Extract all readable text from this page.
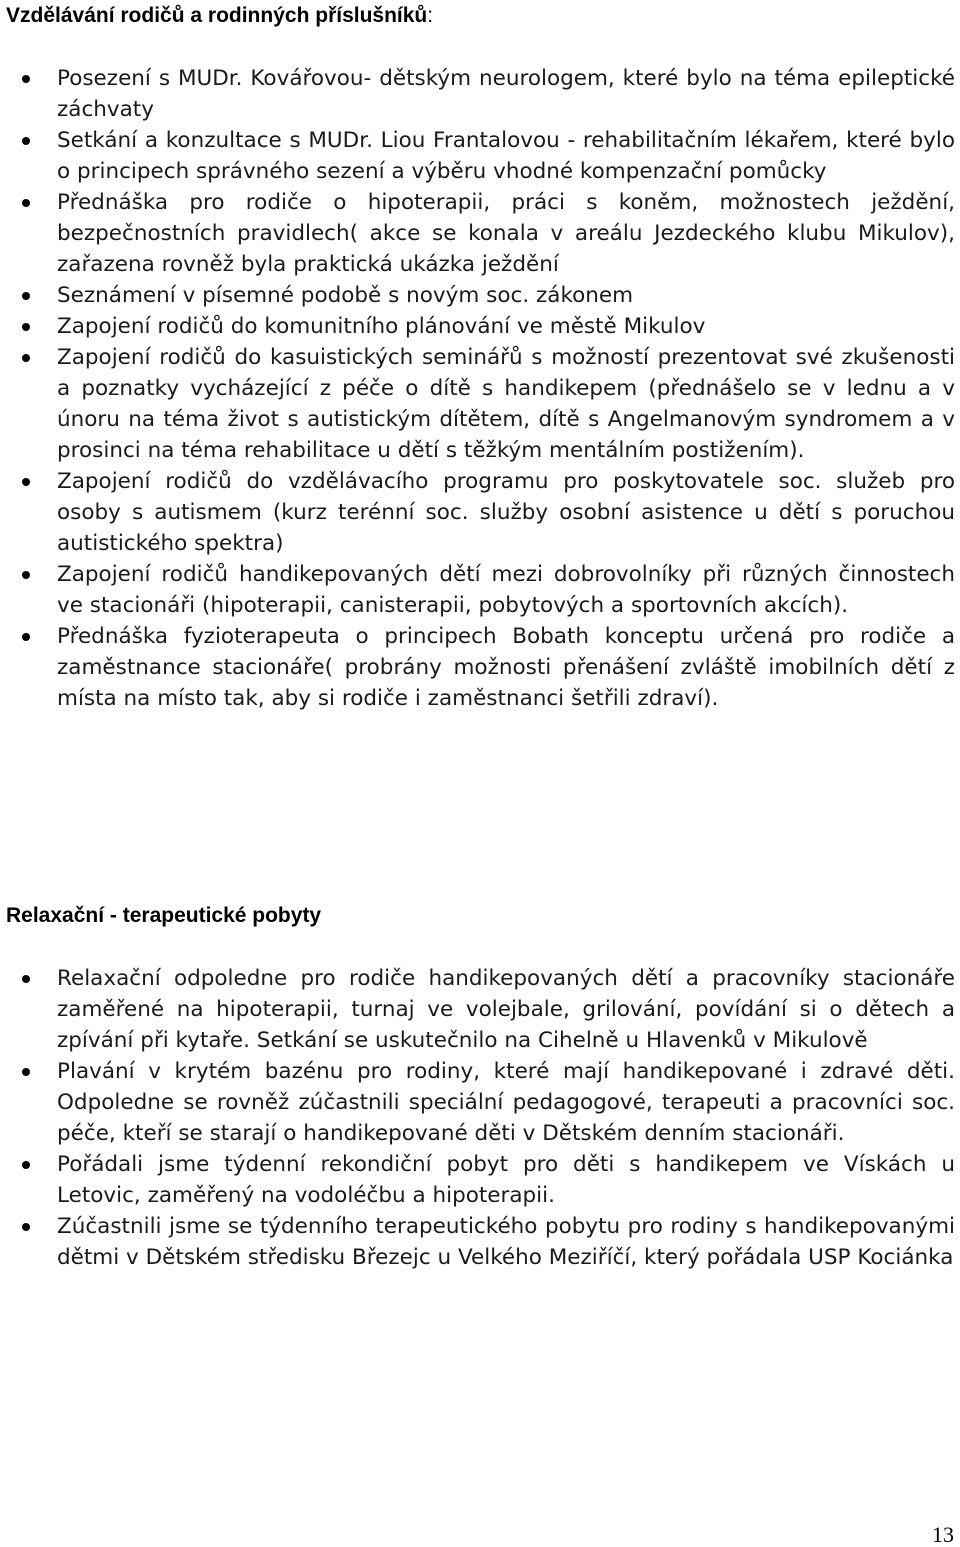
Vzdělávání rodičů a rodinných příslušníků:
Posezení s MUDr. Kovářovou- dětským neurologem, které bylo na téma epileptické záchvaty
Setkání a konzultace s MUDr. Liou Frantalovou - rehabilitačním lékařem, které bylo o principech správného sezení a výběru vhodné kompenzační pomůcky
Přednáška pro rodiče o hipoterapii, práci s koněm, možnostech ježdění, bezpečnostních pravidlech( akce se konala v areálu Jezdeckého klubu Mikulov), zařazena rovněž byla praktická ukázka ježdění
Seznámení v písemné podobě s novým soc. zákonem
Zapojení rodičů do komunitního plánování ve městě Mikulov
Zapojení rodičů do kasuistických seminářů s možností prezentovat své zkušenosti a poznatky vycházející z péče o dítě s handikepem (přednášelo se v lednu a v únoru na téma život s autistickým dítětem, dítě s Angelmanovým syndromem a v prosinci na téma rehabilitace u dětí s těžkým mentálním postižením).
Zapojení rodičů do vzdělávacího programu pro poskytovatele soc. služeb pro osoby s autismem (kurz terénní soc. služby osobní asistence u dětí s poruchou autistického spektra)
Zapojení rodičů handikepovaných dětí mezi dobrovolníky při různých činnostech ve stacionáři (hipoterapii, canisterapii, pobytových a sportovních akcích).
Přednáška fyzioterapeuta o principech Bobath konceptu určená pro rodiče a zaměstnance stacionáře( probrány možnosti přenášení zvláště imobilních dětí z místa na místo tak, aby si rodiče i zaměstnanci šetřili zdraví).
Relaxační - terapeutické pobyty
Relaxační odpoledne pro rodiče handikepovaných dětí a pracovníky stacionáře zaměřené na hipoterapii, turnaj ve volejbale, grilování, povídání si o dětech a zpívání při kytaře. Setkání se uskutečnilo na Cihelně u Hlavenků v Mikulově
Plavání v krytém bazénu pro rodiny, které mají handikepované i zdravé děti. Odpoledne se rovněž zúčastnili speciální pedagogové, terapeuti a pracovníci soc. péče, kteří se starají o handikepované děti v Dětském denním stacionáři.
Pořádali jsme týdenní rekondiční pobyt pro děti s handikepem ve Vískách u Letovic, zaměřený na vodoléčbu a hipoterapii.
Zúčastnili jsme se týdenního terapeutického pobytu pro rodiny s handikepovanými dětmi v Dětském středisku Březejc u Velkého Meziříčí, který pořádala USP Kociánka
13
